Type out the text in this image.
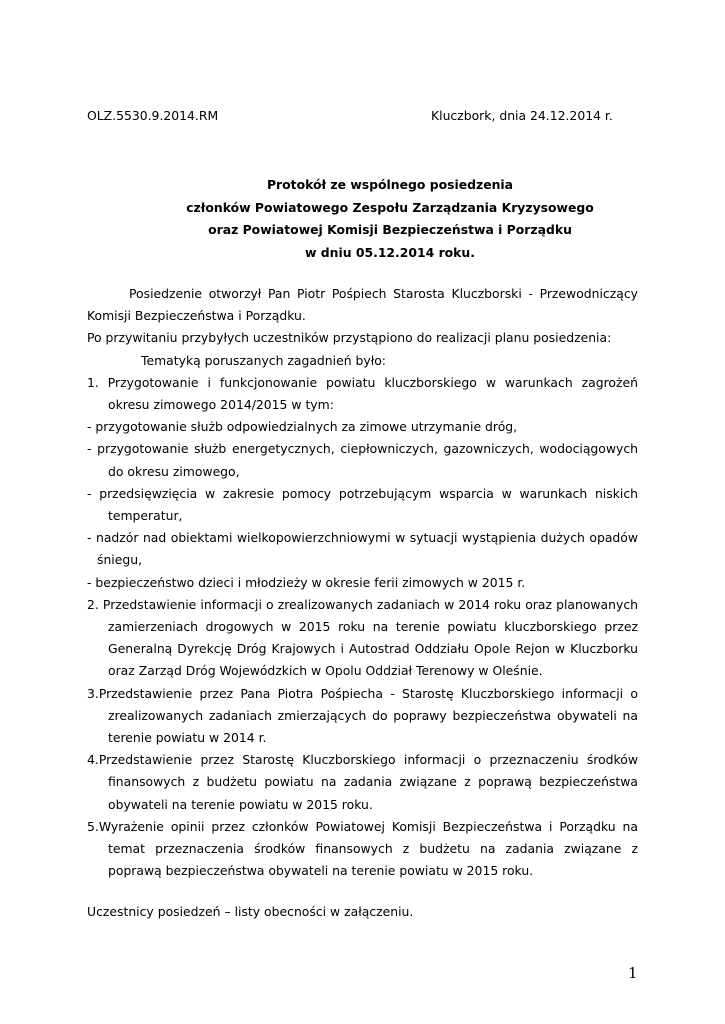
OLZ.5530.9.2014.RM	Kluczbork, dnia 24.12.2014 r.
Protokół ze wspólnego posiedzenia
członków Powiatowego Zespołu Zarządzania Kryzysowego
oraz Powiatowej Komisji Bezpieczeństwa i Porządku
w dniu 05.12.2014 roku.

Posiedzenie otworzył Pan Piotr Pośpiech Starosta Kluczborski - Przewodniczący Komisji Bezpieczeństwa i Porządku.

Po przywitaniu przybyłych uczestników przystąpiono do realizacji planu posiedzenia:

Tematyką poruszanych zagadnień było:

1. Przygotowanie i funkcjonowanie powiatu kluczborskiego w warunkach zagrożeń okresu zimowego 2014/2015 w tym:

- przygotowanie służb odpowiedzialnych za zimowe utrzymanie dróg,

- przygotowanie służb energetycznych, ciepłowniczych, gazowniczych, wodociągowych do okresu zimowego,

- przedsięwzięcia w zakresie pomocy potrzebującym wsparcia w warunkach niskich temperatur,

- nadzór nad obiektami wielkopowierzchniowymi w sytuacji wystąpienia dużych opadów śniegu,

- bezpieczeństwo dzieci i młodzieży w okresie ferii zimowych w 2015 r.

2. Przedstawienie informacji o zrealizowanych zadaniach w 2014 roku oraz planowanych zamierzeniach drogowych w 2015 roku na terenie powiatu kluczborskiego przez Generalną Dyrekcję Dróg Krajowych i Autostrad Oddziału Opole Rejon w Kluczborku oraz Zarząd Dróg Wojewódzkich w Opolu Oddział Terenowy w Oleśnie.

3.Przedstawienie przez Pana Piotra Pośpiecha - Starostę Kluczborskiego informacji o zrealizowanych zadaniach zmierzających do poprawy bezpieczeństwa obywateli na terenie powiatu w 2014 r.

4.Przedstawienie przez Starostę Kluczborskiego informacji o przeznaczeniu środków finansowych z budżetu powiatu na zadania związane z poprawą bezpieczeństwa obywateli na terenie powiatu w 2015 roku.

5.Wyrażenie opinii przez członków Powiatowej Komisji Bezpieczeństwa i Porządku na temat przeznaczenia środków finansowych z budżetu na zadania związane z poprawą bezpieczeństwa obywateli na terenie powiatu w 2015 roku.

Uczestnicy posiedzeń – listy obecności w załączeniu.
1
